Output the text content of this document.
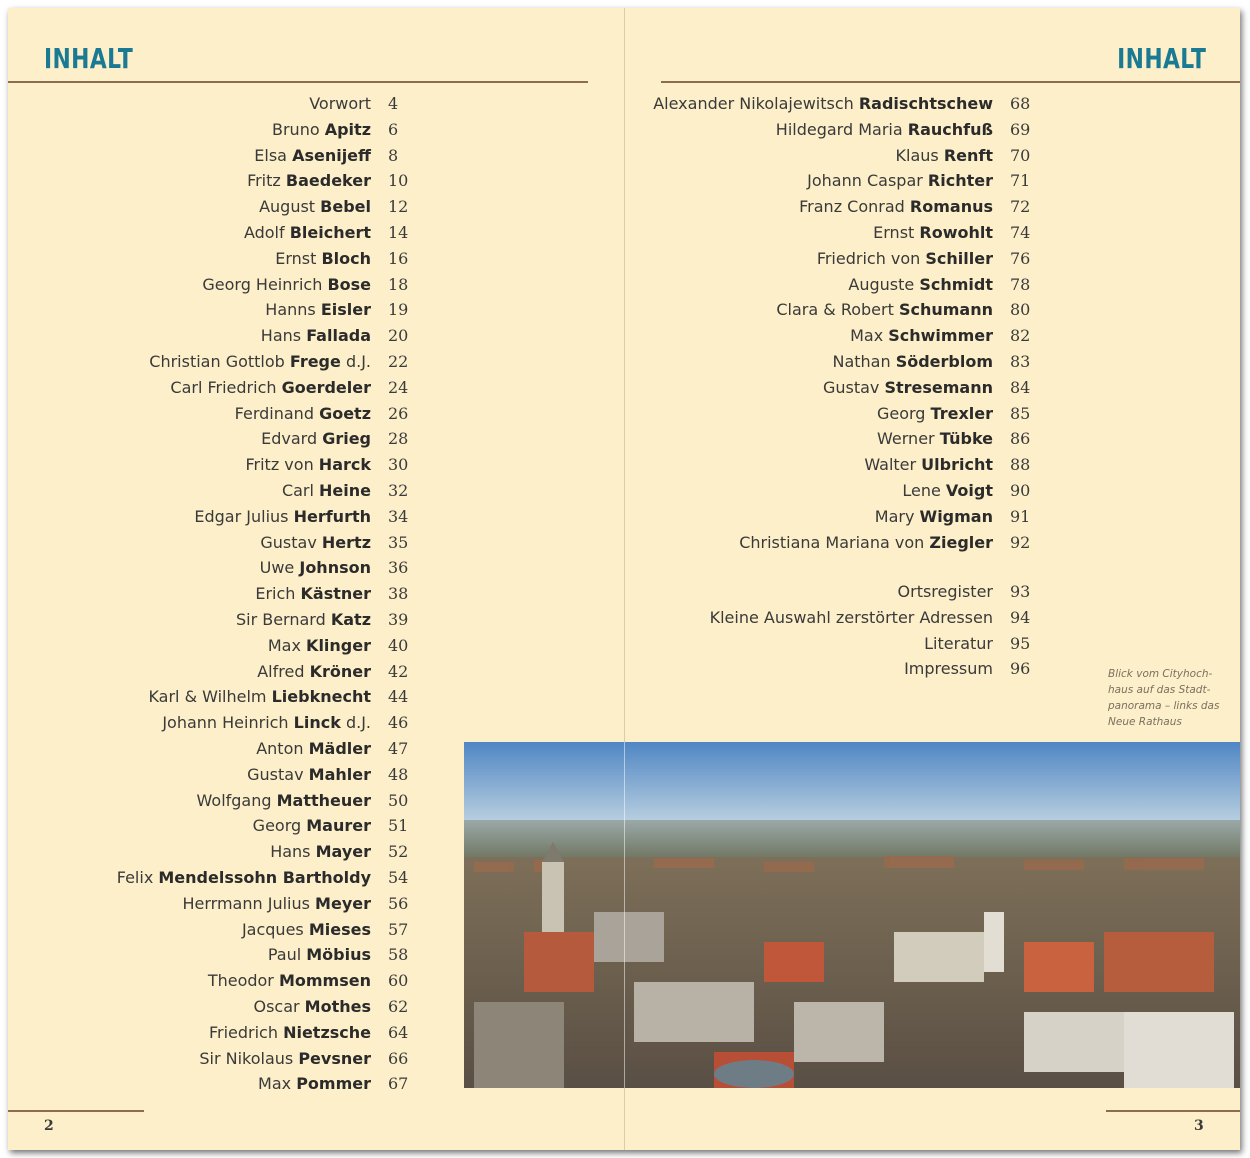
INHALT
Vorwort 4
Bruno Apitz 6
Elsa Asenijeff 8
Fritz Baedeker 10
August Bebel 12
Adolf Bleichert 14
Ernst Bloch 16
Georg Heinrich Bose 18
Hanns Eisler 19
Hans Fallada 20
Christian Gottlob Frege d.J. 22
Carl Friedrich Goerdeler 24
Ferdinand Goetz 26
Edvard Grieg 28
Fritz von Harck 30
Carl Heine 32
Edgar Julius Herfurth 34
Gustav Hertz 35
Uwe Johnson 36
Erich Kästner 38
Sir Bernard Katz 39
Max Klinger 40
Alfred Kröner 42
Karl & Wilhelm Liebknecht 44
Johann Heinrich Linck d.J. 46
Anton Mädler 47
Gustav Mahler 48
Wolfgang Mattheuer 50
Georg Maurer 51
Hans Mayer 52
Felix Mendelssohn Bartholdy 54
Herrmann Julius Meyer 56
Jacques Mieses 57
Paul Möbius 58
Theodor Mommsen 60
Oscar Mothes 62
Friedrich Nietzsche 64
Sir Nikolaus Pevsner 66
Max Pommer 67
2
INHALT
Alexander Nikolajewitsch Radischtschew 68
Hildegard Maria Rauchfuß 69
Klaus Renft 70
Johann Caspar Richter 71
Franz Conrad Romanus 72
Ernst Rowohlt 74
Friedrich von Schiller 76
Auguste Schmidt 78
Clara & Robert Schumann 80
Max Schwimmer 82
Nathan Söderblom 83
Gustav Stresemann 84
Georg Trexler 85
Werner Tübke 86
Walter Ulbricht 88
Lene Voigt 90
Mary Wigman 91
Christiana Mariana von Ziegler 92
Ortsregister 93
Kleine Auswahl zerstörter Adressen 94
Literatur 95
Impressum 96	Blick vom Cityhoch-haus auf das Stadt-panorama – links das Neue Rathaus
3
